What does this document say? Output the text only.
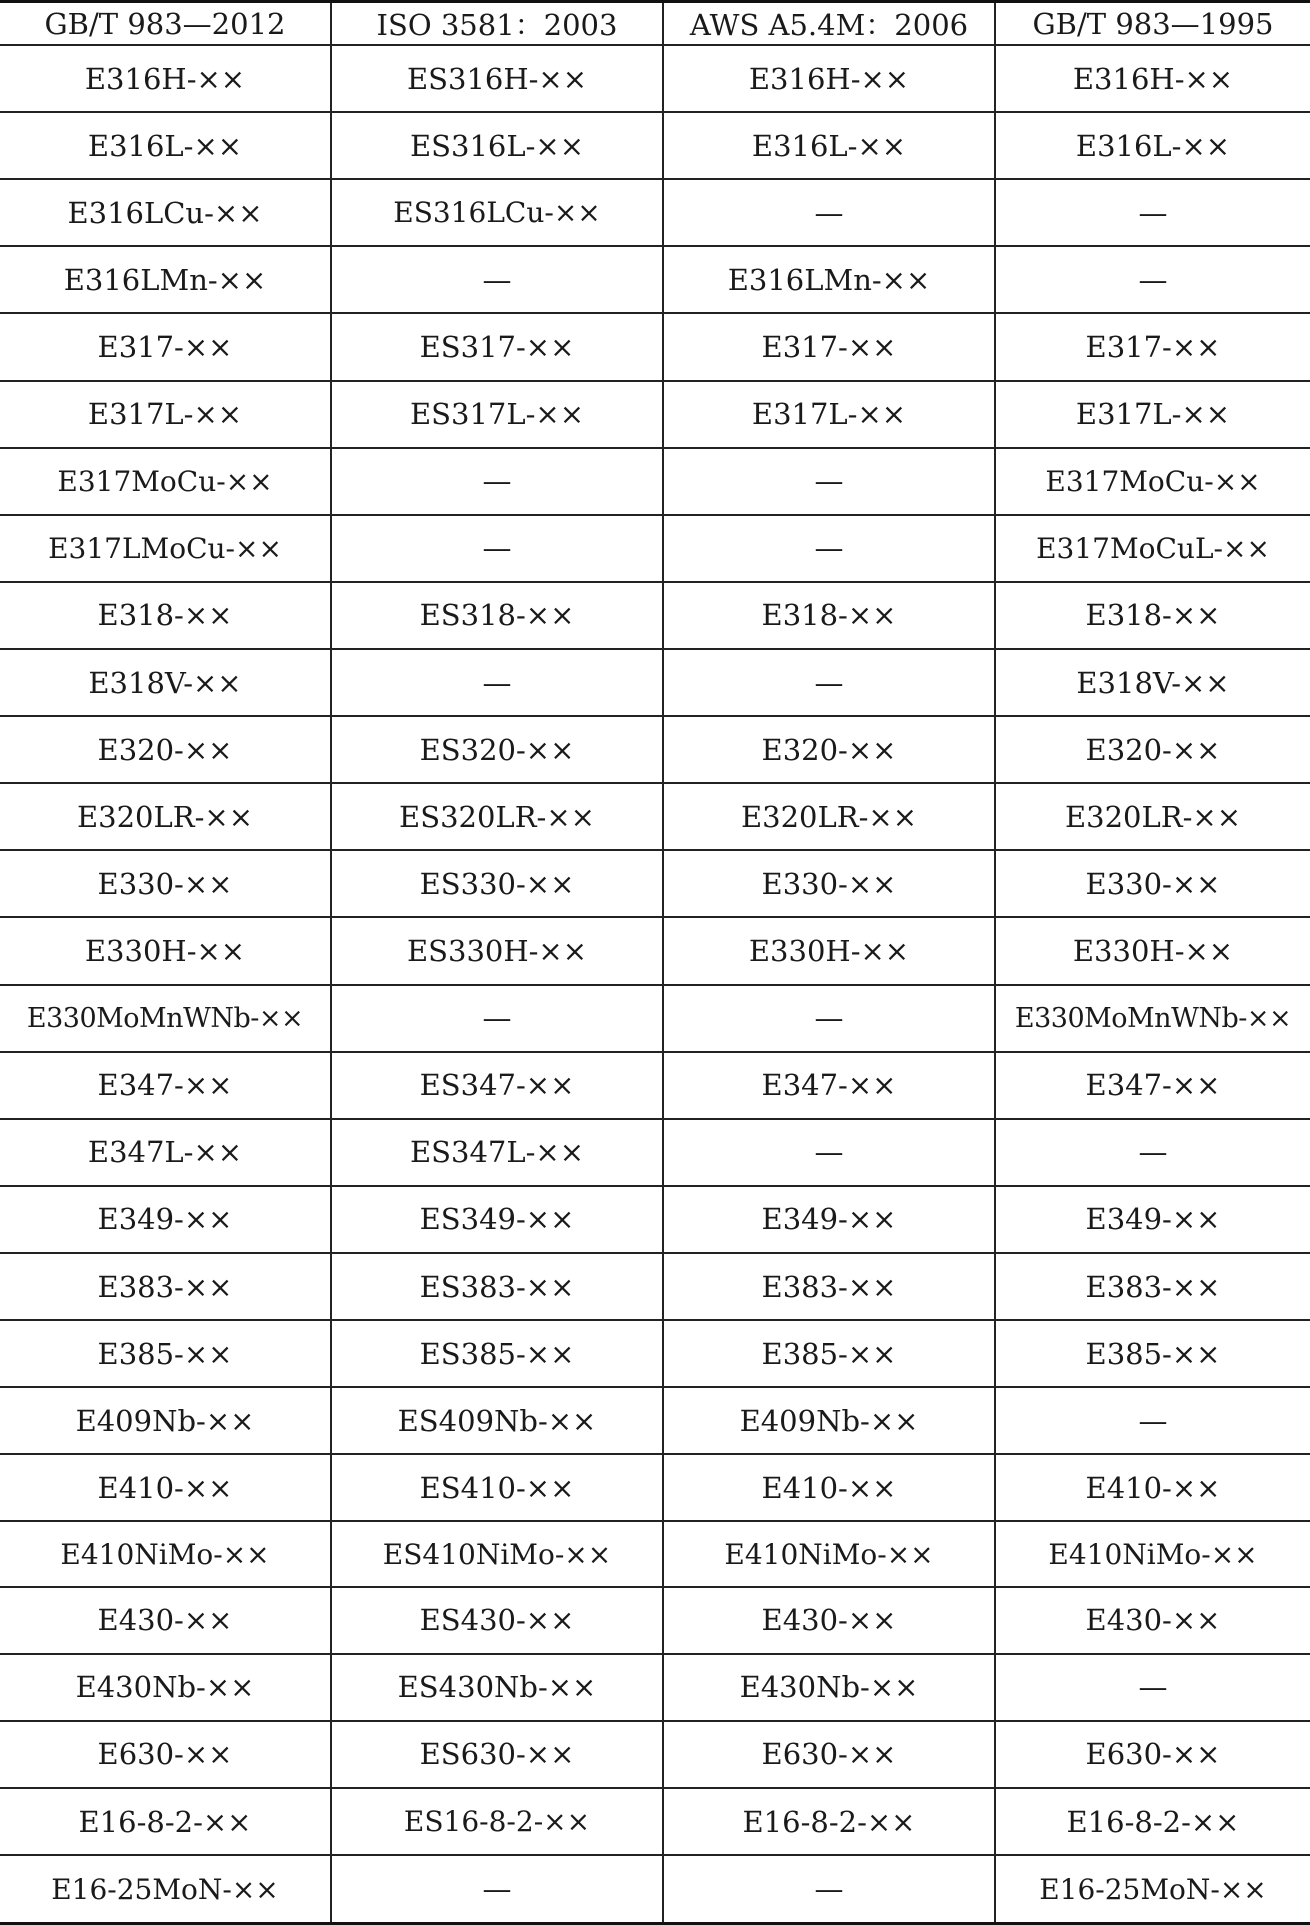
GB/T 983—2012	ISO 3581：2003	AWS A5.4M：2006	GB/T 983—1995
E316H-××	ES316H-××	E316H-××	E316H-××
E316L-××	ES316L-××	E316L-××	E316L-××
E316LCu-××	ES316LCu-××	—	—
E316LMn-××	—	E316LMn-××	—
E317-××	ES317-××	E317-××	E317-××
E317L-××	ES317L-××	E317L-××	E317L-××
E317MoCu-××	—	—	E317MoCu-××
E317LMoCu-××	—	—	E317MoCuL-××
E318-××	ES318-××	E318-××	E318-××
E318V-××	—	—	E318V-××
E320-××	ES320-××	E320-××	E320-××
E320LR-××	ES320LR-××	E320LR-××	E320LR-××
E330-××	ES330-××	E330-××	E330-××
E330H-××	ES330H-××	E330H-××	E330H-××
E330MoMnWNb-××	—	—	E330MoMnWNb-××
E347-××	ES347-××	E347-××	E347-××
E347L-××	ES347L-××	—	—
E349-××	ES349-××	E349-××	E349-××
E383-××	ES383-××	E383-××	E383-××
E385-××	ES385-××	E385-××	E385-××
E409Nb-××	ES409Nb-××	E409Nb-××	—
E410-××	ES410-××	E410-××	E410-××
E410NiMo-××	ES410NiMo-××	E410NiMo-××	E410NiMo-××
E430-××	ES430-××	E430-××	E430-××
E430Nb-××	ES430Nb-××	E430Nb-××	—
E630-××	ES630-××	E630-××	E630-××
E16-8-2-××	ES16-8-2-××	E16-8-2-××	E16-8-2-××
E16-25MoN-××	—	—	E16-25MoN-××
